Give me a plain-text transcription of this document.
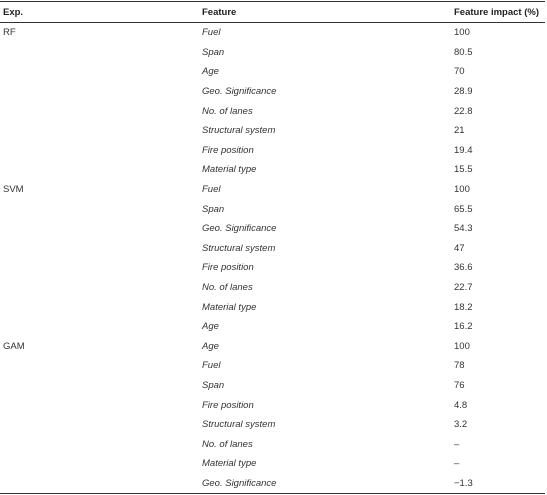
Exp.	Feature	Feature impact (%)
RF	Fuel	100
	Span	80.5
	Age	70
	Geo. Significance	28.9
	No. of lanes	22.8
	Structural system	21
	Fire position	19.4
	Material type	15.5
SVM	Fuel	100
	Span	65.5
	Geo. Significance	54.3
	Structural system	47
	Fire position	36.6
	No. of lanes	22.7
	Material type	18.2
	Age	16.2
GAM	Age	100
	Fuel	78
	Span	76
	Fire position	4.8
	Structural system	3.2
	No. of lanes	–
	Material type	–
	Geo. Significance	−1.3
